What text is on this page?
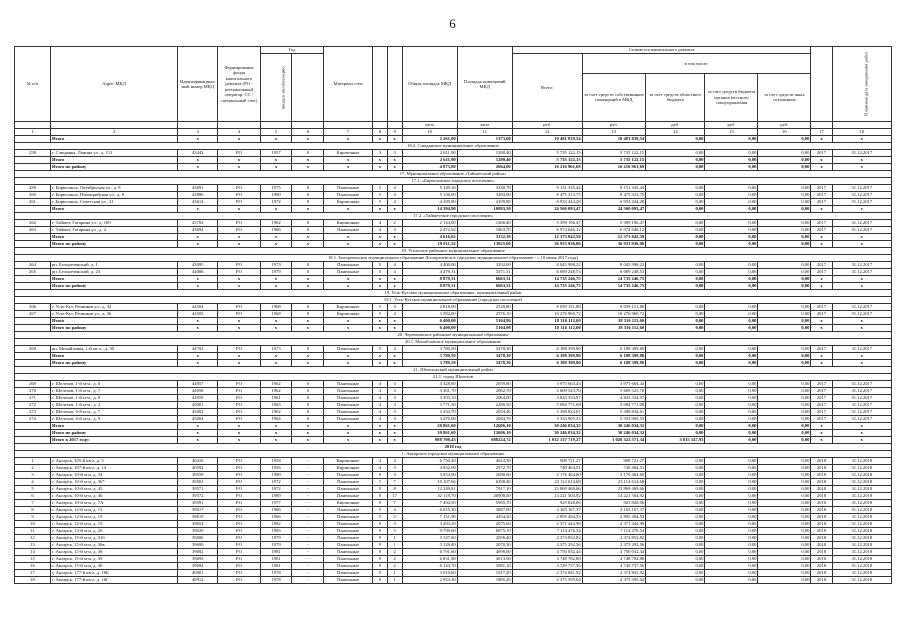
6
№ п/п	Адрес МКД	Идентификацион-ный номер МКД	Формирование фонда капитального ремонта (РО - региональный оператор, СС - специальный счет)	Год		Материал стен			Общая площадь МКД	Площадь помещений МКД	Стоимость капитального ремонта						Плановая дата завершения работ
				ввода в эксплуатацию							Всего:	в том числе:					
												за счет средств собственников помещений в МКД	за счет средств областного бюджета	за счет средств бюджета органов местного самоуправления	за счет средств иных источников		
									кв.м	кв.м	руб.	руб.	руб.	руб.	руб.		
1	2	3	4	5	6	7	8	9	10	11	12	13	14	15	16	17	18
	Итого	x	x	x	x	x	x	x	2 261,00	1373,60	10 481 839,54	10 481 839,54	0,00	0,00	0,00	x	x
16.2. Слюдянское муниципальное образование																	
258	г. Слюдянка, Ленина ул., д. 111	43443	РО	1957	0	Кирпичные	3	3	2 611,90	1290,40	5 735 122,15	5 735 122,15	0,00	0,00	0,00	2017	31.12.2017
	Итого	x	x	x	x	x	x	x	2 611,90	1290,40	5 735 122,15	5 735 122,15	0,00	0,00	0,00	x	x
	Итого по району	x	x	x	x	x	x	x	4 873,80	2664,00	16 216 961,69	16 216 961,69	0,00	0,00	0,00	x	x
17. Муниципальное образование «Тайшетский район»																	
17.1. «Бирюсинское городское поселение»																	
259	г. Бирюсинск, Октябрьская ул., д. 8	43891	РО	1975	0	Панельные	5	4	5 149,10	3330,70	9 151 335,44	9 151 335,44	0,00	0,00	0,00	2017	31.12.2017
260	г. Бирюсинск, Пионерийская ул., д. 8	43896	РО	1980	0	Панельные	5	4	5 136,00	3283,00	8 475 313,75	8 475 313,75	0,00	0,00	0,00	2017	31.12.2017
261	г. Бирюсинск, Советская ул., 21	43614	РО	1972	0	Кирпичные	5	4	4 109,80	4109,80	6 933 444,28	6 933 444,28	0,00	0,00	0,00	2017	31.12.2017
	Итого	x	x	x	x	x	x	x	14 394,90	10893,50	24 560 093,47	24 560 093,47	0,00	0,00	0,00	x	x
17.2. «Тайшетское городское поселение»																	
262	г. Тайшет, Гагарина ул., д. 100	43702	РО	1962	0	Кирпичные	4	2	2 144,00	1268,40	5 399 196,47	5 399 196,47	0,00	0,00	0,00	2017	31.12.2017
263	г. Тайшет, Гагарина ул., д. 2	43694	РО	1966	0	Панельные	4	3	2 472,62	1863,70	6 974 646,12	6 974 646,12	0,00	0,00	0,00	2017	31.12.2017
	Итого	x	x	x	x	x	x	x	4 616,62	3132,10	12 373 842,59	12 373 842,59	0,00	0,00	0,00	x	x
	Итого по району	x	x	x	x	x	x	x	19 011,52	13825,60	36 933 936,06	36 933 936,06	0,00	0,00	0,00	x	x
18. Усольское районное муниципальное образование																	
18.1. Белореченское муниципальное образование (Белореченское городское муниципальное образование - с 10 июня 2017 года)																	
264	рп. Белореченский, д. 1	43995	РО	1973	0	Панельные	5	4	4 400,00	3292,00	8 045 998,22	8 045 998,22	0,00	0,00	0,00	2017	31.12.2017
265	рп. Белореченский, д. 23	44006	РО	1979	0	Панельные	5	4	4 479,31	3371,31	6 689 248,53	6 689 248,53	0,00	0,00	0,00	2017	31.12.2017
	Итого	x	x	x	x	x	x	x	8 879,31	6663,31	14 735 246,75	14 735 246,75	0,00	0,00	0,00	x	x
	Итого по району	x	x	x	x	x	x	x	8 879,31	6663,31	14 735 246,75	14 735 246,75	0,00	0,00	0,00	x	x
19. Усть-Кутское муниципальное образование, муниципальный район																	
19.1. Усть-Кутское муниципальное образование (городское поселение)																	
266	г. Усть-Кут, Речников ул., д. 32	44504	РО	1968	0	Кирпичные	5	3	2 818,00	2528,80	8 039 151,88	8 039 151,88	0,00	0,00	0,00	2017	31.12.2017
267	г. Усть-Кут, Речников ул., д. 36	44505	РО	1968	0	Кирпичные	5	4	3 582,00	2576,10	10 276 960,72	10 276 960,72	0,00	0,00	0,00	2017	31.12.2017
	Итого	x	x	x	x	x	x	x	6 400,00	5104,90	18 316 112,60	18 316 112,60	0,00	0,00	0,00	x	x
	Итого по району	x	x	x	x	x	x	x	6 400,00	5104,90	18 316 112,60	18 316 112,60	0,00	0,00	0,00	x	x
20. Черемховское районное муниципальное образование																	
20.1. Михайловское муниципальное образование																	
268	рп. Михайловка, 1-й кв-л., д. 30	44702	РО	1973	0	Панельные	5	4	3 780,50	3478,30	6 188 399,80	6 188 399,80	0,00	0,00	0,00	2017	31.12.2017
	Итого	x	x	x	x	x	x	x	3 780,50	3478,30	6 188 399,80	6 188 399,80	0,00	0,00	0,00	x	x
	Итого по району	x	x	x	x	x	x	x	3 780,50	3478,30	6 188 399,80	6 188 399,80	0,00	0,00	0,00	x	x
21. Шелеховский муниципальный район																	
21.1. город Шелехов																	
269	г. Шелехов, 1-й м-н., д. 6	44957	РО	1962	0	Панельные	4	3	3 428,60	2059,80	3 975 664,43	3 975 664,43	0,00	0,00	0,00	2017	31.12.2017
270	г. Шелехов, 1-й м-н., д. 7	44958	РО	1962	0	Панельные	4	3	3 361,70	2062,70	5 609 523,70	5 609 523,70	0,00	0,00	0,00	2017	31.12.2017
271	г. Шелехов, 1-й м-н., д. 8	44959	РО	1961	0	Панельные	4	3	3 393,10	2064,00	4 843 334,97	4 843 334,97	0,00	0,00	0,00	2017	31.12.2017
272	г. Шелехов, 1-й м-н., д. 2	45001	РО	1963	0	Панельные	4	3	3 771,50	2280,50	5 084 771,08	5 084 771,08	0,00	0,00	0,00	2017	31.12.2017
273	г. Шелехов, 6-й м-н., д. 7	45002	РО	1962	0	Панельные	4	3	3 434,70	2054,40	5 398 834,61	5 398 834,61	0,00	0,00	0,00	2017	31.12.2017
274	г. Шелехов, 6-й м-н., д. 9	45004	РО	1964	0	Панельные	4	3	3 470,00	2084,70	5 333 905,53	5 333 905,53	0,00	0,00	0,00	2017	31.12.2017
	Итого	x	x	x	x	x	x	x	20 861,60	12606,10	30 246 034,32	30 246 034,32	0,00	0,00	0,00	x	x
	Итого по району	x	x	x	x	x	x	x	20 861,60	12606,10	30 246 034,32	30 246 034,32	0,00	0,00	0,00	x	x
	Итого в 2017 году:	x	x	x	x	x	x	x	988 708,43	688224,72	1 032 137 719,27	1 028 322 571,34	3 815 147,93	0,00	0,00	x	x
2018 год																	
1. Ангарское городское муниципальное образование																	
1	г. Ангарск, 105-й кв-л, д. 5	40416	РО	1958	-	Кирпичные	4	4	6 750,40	4024,30	908 721,27	908 721,27	0,00	0,00	0,00	2018	31.12.2018
2	г. Ангарск, 107-й кв-л, д. 14	40592	РО	1956	-	Кирпичные	4	3	4 832,00	2972,70	740 464,51	740 464,51	0,00	0,00	0,00	2018	31.12.2018
3	г. Ангарск, 10-й м-н, д. 34	39559	РО	1989	-	Панельные	9	3	3 054,90	2690,60	2 176 464,60	2 176 464,60	0,00	0,00	0,00	2018	31.12.2018
4	г. Ангарск, 10-й м-н, д. 36*	39561	РО	1972	-	Панельные	5	7	10 107,66	6398,40	23 114 614,68	23 114 614,68	0,00	0,00	0,00	2018	31.12.2018
5	г. Ангарск, 10-й м-н, д. 45	39571	РО	1972	-	Панельные	5	8	12 249,81	7917,10	23 869 469,66	23 869 469,66	0,00	0,00	0,00	2018	31.12.2018
6	г. Ангарск, 10-й м-н, д. 46	39572	РО	1989	-	Панельные	9	17	32 119,70	20908,50	14 221 504,92	14 221 504,92	0,00	0,00	0,00	2018	31.12.2018
7	г. Ангарск, 10-й м-н, д. 7А	39591	РО	1977	-	Кирпичные	9	7	7 494,50	5965,70	925 828,06	925 828,06	0,00	0,00	0,00	2018	31.12.2018
8	г. Ангарск, 12-й м-н, д. 13	39617	РО	1966	-	Панельные	5	4	6 015,30	3887,00	2 165 167,37	2 165 167,37	0,00	0,00	0,00	2018	31.12.2018
9	г. Ангарск, 12-й м-н, д. 19	39619	РО	1966	-	Панельные	5	5	7 151,90	4454,20	2 895 494,53	2 895 494,53	0,00	0,00	0,00	2018	31.12.2018
10	г. Ангарск, 12-й м-н, д. 19	39654	РО	1982	-	Панельные	9	3	3 203,20	2075,60	2 371 444,98	2 371 444,98	0,00	0,00	0,00	2018	31.12.2018
11	г. Ангарск, 13-й м-н, д. 26	39639	РО	1983	-	Панельные	9	5	9 799,60	6875,10	7 114 476,54	7 114 476,54	0,00	0,00	0,00	2018	31.12.2018
12	г. Ангарск, 15-й м-н, д. 31б	39686	РО	1979	-	Панельные	9	1	3 147,60	2056,40	2 374 852,82	2 374 852,82	0,00	0,00	0,00	2018	31.12.2018
13	г. Ангарск, 15-й м-н, д. 36в	39690	РО	1979	-	Панельные	9	1	3 129,40	2070,30	2 375 292,56	2 375 292,56	0,00	0,00	0,00	2018	31.12.2018
14	г. Ангарск, 15-й м-н, д. 38	39692	РО	1981	-	Панельные	9	2	6 791,60	4698,00	4 750 032,44	4 750 032,44	0,00	0,00	0,00	2018	31.12.2018
15	г. Ангарск, 15-й м-н, д. 39	39693	РО	1981	-	Панельные	9	2	6 831,90	4613,90	4 748 782,88	4 748 782,88	0,00	0,00	0,00	2018	31.12.2018
16	г. Ангарск, 15-й м-н, д. 40	39694	РО	1981	-	Панельные	9	2	6 143,70	3981,10	4 749 757,56	4 749 757,56	0,00	0,00	0,00	2018	31.12.2018
17	г. Ангарск, 177-й кв-л, д. 16Б	40901	РО	1978	-	Панельные	9	1	3 010,60	1917,20	2 374 841,92	2 374 841,92	0,00	0,00	0,00	2018	31.12.2018
18	г. Ангарск, 177-й кв-л, д. 16Г	40912	РО	1978	-	Панельные	9	1	2 953,30	1885,20	2 375 595,04	2 375 595,04	0,00	0,00	0,00	2018	31.12.2018
